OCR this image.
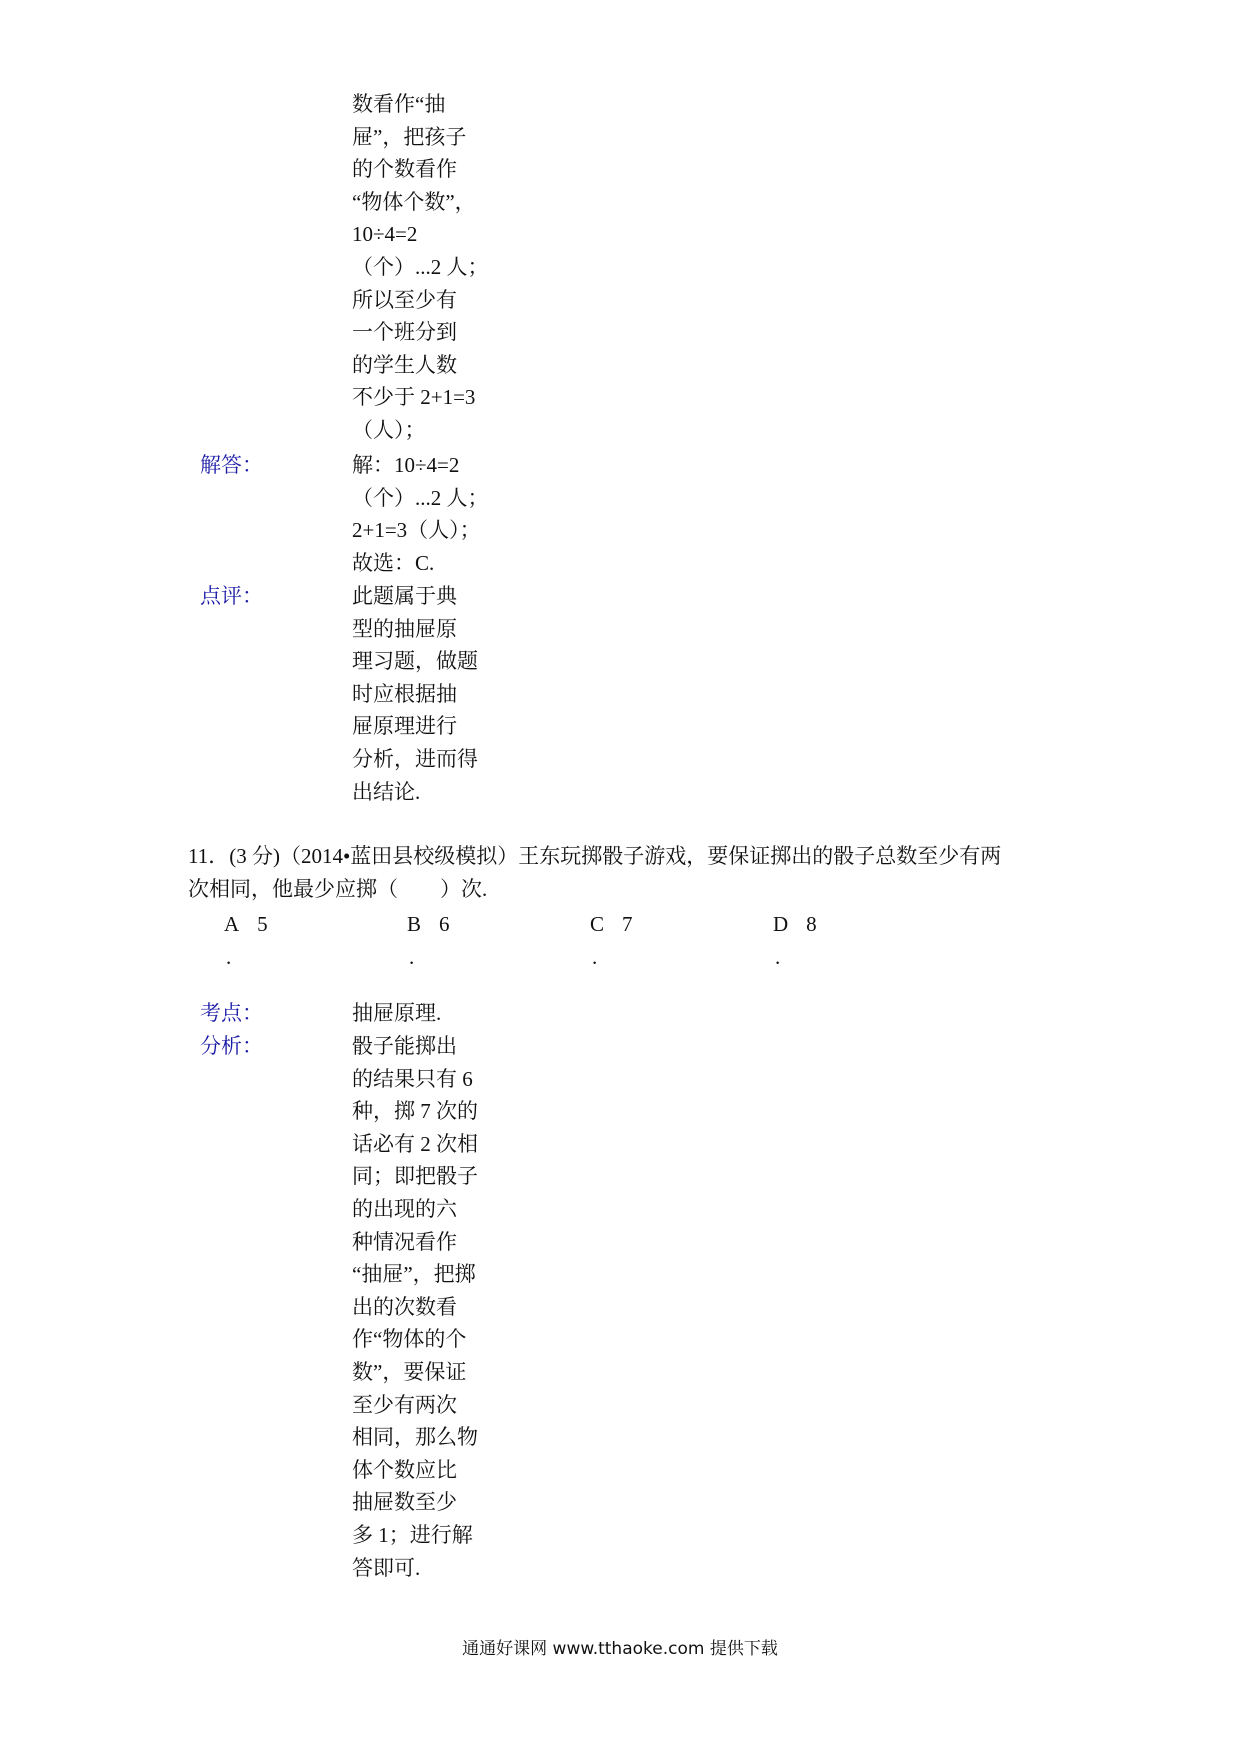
数看作“抽
屉”，把孩子
的个数看作
“物体个数”，
10÷4=2
（个）...2 人；
所以至少有
一个班分到
的学生人数
不少于 2+1=3
（人）；
解答：	解：10÷4=2
（个）...2 人；
2+1=3（人）；
故选：C.
点评：	此题属于典
型的抽屉原
理习题，做题
时应根据抽
屉原理进行
分析，进而得
出结论.
11．(3 分)（2014•蓝田县校级模拟）王东玩掷骰子游戏，要保证掷出的骰子总数至少有两
次相同，他最少应掷（　　）次.
A 5
.
B 6
.
C 7
.
D 8
.
考点：	抽屉原理.
分析：	骰子能掷出
的结果只有 6
种，掷 7 次的
话必有 2 次相
同；即把骰子
的出现的六
种情况看作
“抽屉”，把掷
出的次数看
作“物体的个
数”，要保证
至少有两次
相同，那么物
体个数应比
抽屉数至少
多 1；进行解
答即可.
通通好课网 www.tthaoke.com 提供下载
